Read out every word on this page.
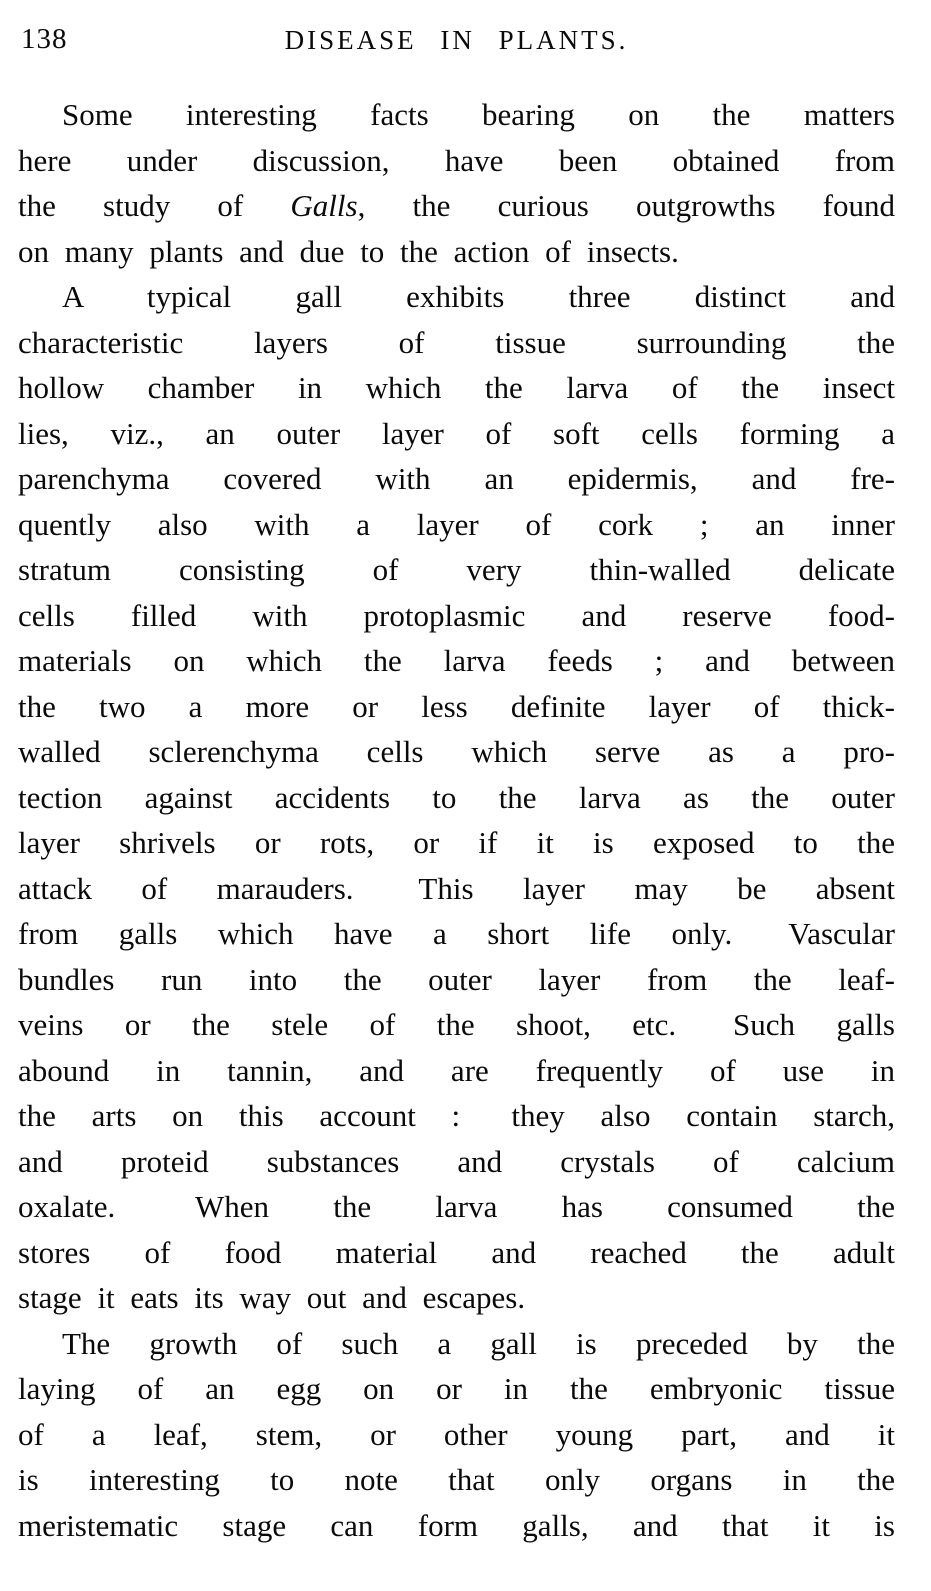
138	DISEASE IN PLANTS.
Some interesting facts bearing on the matters
here under discussion, have been obtained from
the study of Galls, the curious outgrowths found
on many plants and due to the action of insects.
A typical gall exhibits three distinct and
characteristic layers of tissue surrounding the
hollow chamber in which the larva of the insect
lies, viz., an outer layer of soft cells forming a
parenchyma covered with an epidermis, and fre-
quently also with a layer of cork ; an inner
stratum consisting of very thin-walled delicate
cells filled with protoplasmic and reserve food-
materials on which the larva feeds ; and between
the two a more or less definite layer of thick-
walled sclerenchyma cells which serve as a pro-
tection against accidents to the larva as the outer
layer shrivels or rots, or if it is exposed to the
attack of marauders.  This layer may be absent
from galls which have a short life only.  Vascular
bundles run into the outer layer from the leaf-
veins or the stele of the shoot, etc.  Such galls
abound in tannin, and are frequently of use in
the arts on this account :  they also contain starch,
and proteid substances and crystals of calcium
oxalate.  When the larva has consumed the
stores of food material and reached the adult
stage it eats its way out and escapes.
The growth of such a gall is preceded by the
laying of an egg on or in the embryonic tissue
of a leaf, stem, or other young part, and it
is interesting to note that only organs in the
meristematic stage can form galls, and that it is
